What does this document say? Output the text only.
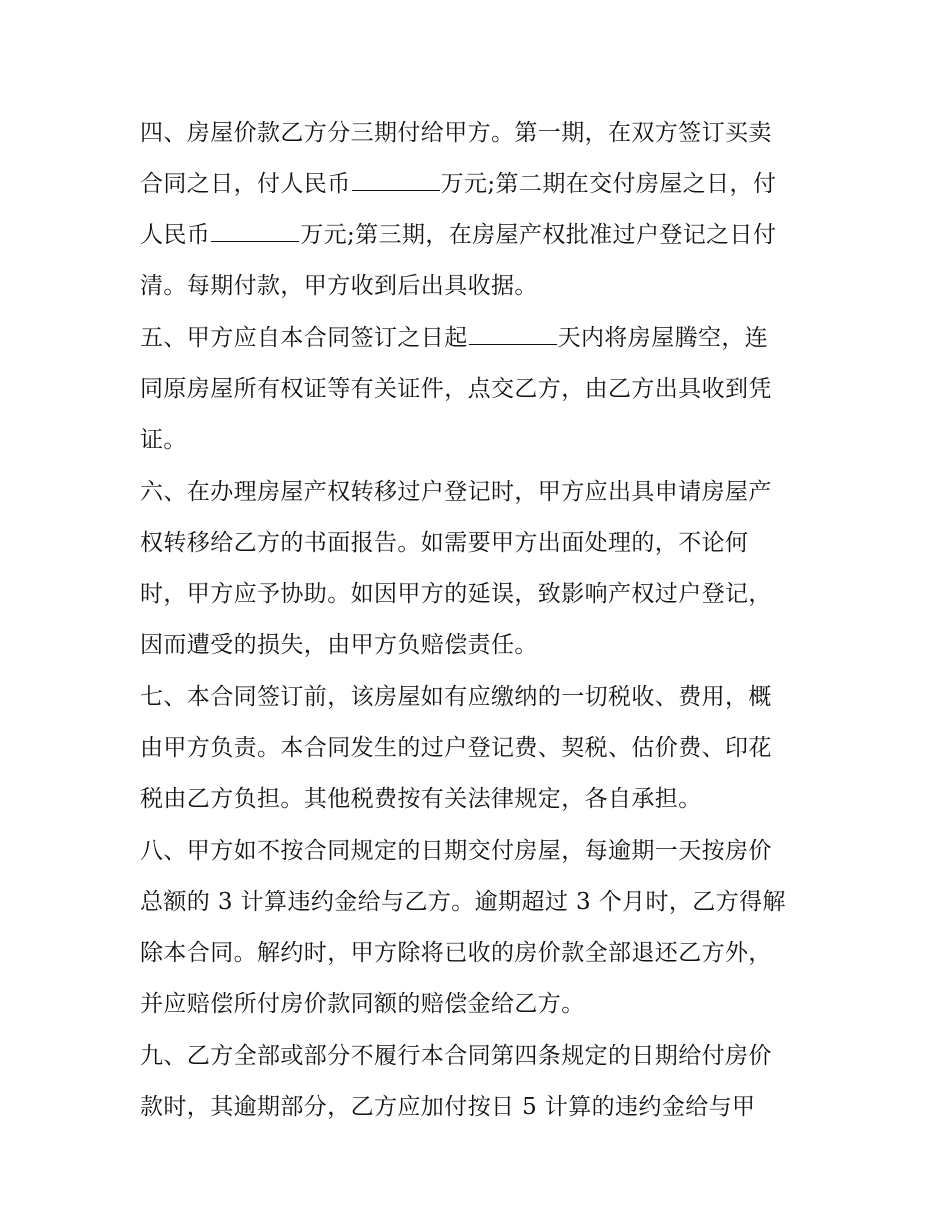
四、房屋价款乙方分三期付给甲方。第一期，在双方签订买卖
合同之日，付人民币	万元;第二期在交付房屋之日，付
人民币	万元;第三期，在房屋产权批准过户登记之日付
清。每期付款，甲方收到后出具收据。
五、甲方应自本合同签订之日起	天内将房屋腾空，连
同原房屋所有权证等有关证件，点交乙方，由乙方出具收到凭
证。
六、在办理房屋产权转移过户登记时，甲方应出具申请房屋产
权转移给乙方的书面报告。如需要甲方出面处理的，不论何
时，甲方应予协助。如因甲方的延误，致影响产权过户登记，
因而遭受的损失，由甲方负赔偿责任。
七、本合同签订前，该房屋如有应缴纳的一切税收、费用，概
由甲方负责。本合同发生的过户登记费、契税、估价费、印花
税由乙方负担。其他税费按有关法律规定，各自承担。
八、甲方如不按合同规定的日期交付房屋，每逾期一天按房价
总额的 3 计算违约金给与乙方。逾期超过 3 个月时，乙方得解
除本合同。解约时，甲方除将已收的房价款全部退还乙方外，
并应赔偿所付房价款同额的赔偿金给乙方。
九、乙方全部或部分不履行本合同第四条规定的日期给付房价
款时，其逾期部分，乙方应加付按日 5 计算的违约金给与甲
